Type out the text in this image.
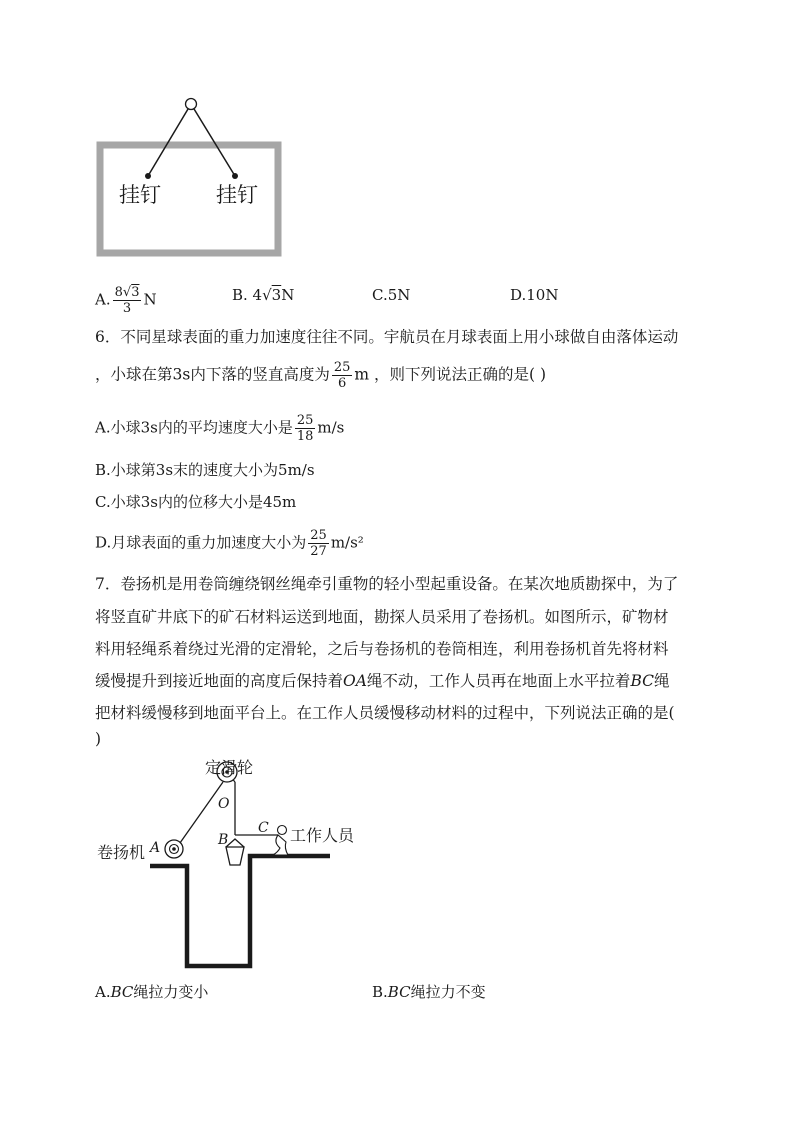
挂钉	挂钉
A. $\frac{8√3}{3}$ N	B. 4√3N	C.5N	D.10N
6．不同星球表面的重力加速度往往不同。宇航员在月球表面上用小球做自由落体运动
，小球在第3s内下落的竖直高度为 $\frac{25}{6}$ m ，则下列说法正确的是( )
A.小球3s内的平均速度大小是 $\frac{25}{18} m/s$
B.小球第3s末的速度大小为5m/s
C.小球3s内的位移大小是45m
D.月球表面的重力加速度大小为 $\frac{25}{27} m/s^2$
7．卷扬机是用卷筒缠绕钢丝绳牵引重物的轻小型起重设备。在某次地质勘探中，为了
将竖直矿井底下的矿石材料运送到地面，勘探人员采用了卷扬机。如图所示，矿物材
料用轻绳系着绕过光滑的定滑轮，之后与卷扬机的卷筒相连，利用卷扬机首先将材料
缓慢提升到接近地面的高度后保持着OA绳不动，工作人员再在地面上水平拉着BC绳
把材料缓慢移到地面平台上。在工作人员缓慢移动材料的过程中，下列说法正确的是(
)
定滑轮
O
B
C 工作人员
卷扬机 A
A.BC绳拉力变小	B.BC绳拉力不变
